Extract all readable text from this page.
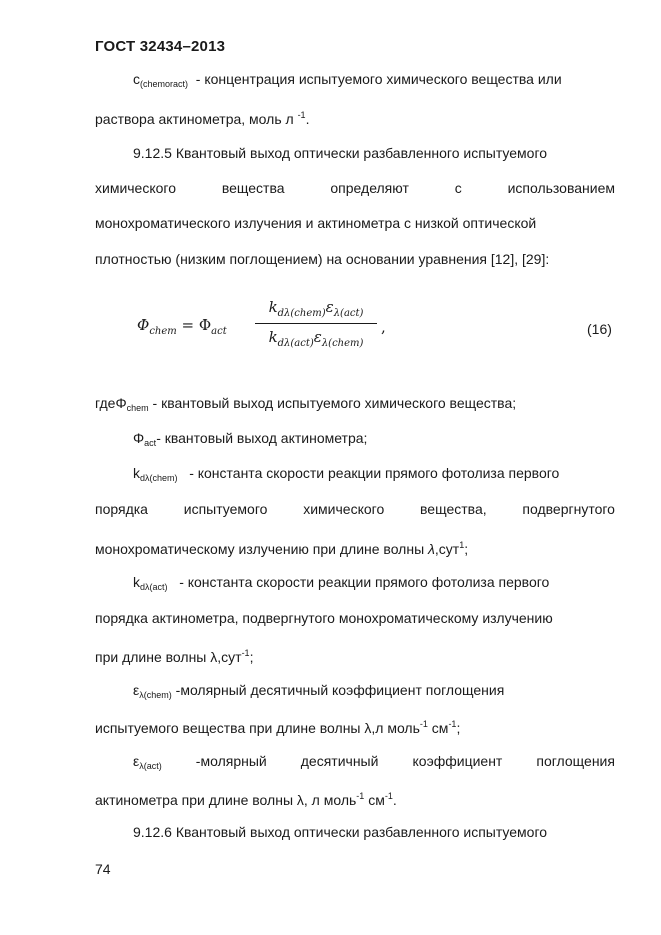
ГОСТ 32434–2013
$c_{(chemoract)}$ - концентрация испытуемого химического вещества или
раствора актинометра, моль л $^{-1}$.
9.12.5 Квантовый выход оптически разбавленного испытуемого
химического	вещества	определяют	с	использованием
монохроматического излучения и актинометра с низкой оптической
плотностью (низким поглощением) на основании уравнения [12], [29]:
$\Phi_{chem} = \Phi_{act}$
$k_{d\lambda(chem)}\varepsilon_{\lambda(act)}$
$k_{d\lambda(act)}\varepsilon_{\lambda(chem)}$
,	(16)
гдеΦ$_{chem}$ - квантовый выход испытуемого химического вещества;
$\Phi_{act}-$ квантовый выход актинометра;
$k_{d\lambda(chem)}$ - константа скорости реакции прямого фотолиза первого
порядка	испытуемого	химического	вещества,	подвергнутого
монохроматическому излучению при длине волны λ,сут$^1$;
$k_{d\lambda(act)}$ - константа скорости реакции прямого фотолиза первого
порядка актинометра, подвергнутого монохроматическому излучению
при длине волны λ,сут$^{-1}$;
$\varepsilon_{\lambda(chem)}$ -молярный десятичный коэффициент поглощения
испытуемого вещества при длине волны λ,л моль$^{-1}$ $см^{-1}$;
$\varepsilon_{\lambda(act)}$ -молярный десятичный коэффициент поглощения
актинометра при длине волны λ, л моль$^{-1}$ $см^{-1}$.
9.12.6 Квантовый выход оптически разбавленного испытуемого
74
